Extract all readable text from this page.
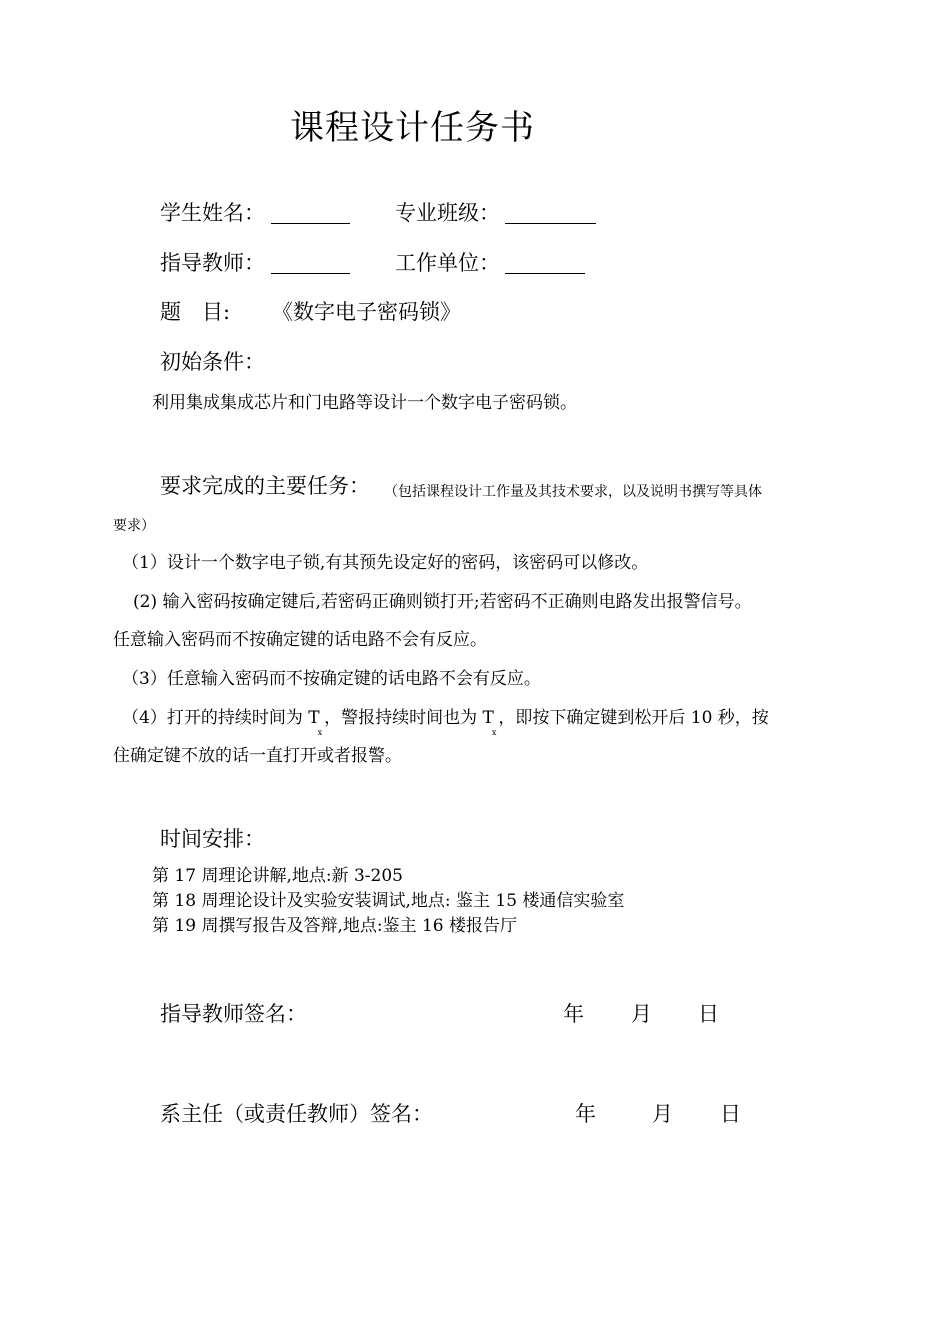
课程设计任务书
学生姓名：	专业班级：
指导教师：	工作单位：
题　目: 《数字电子密码锁》
初始条件：
利用集成集成芯片和门电路等设计一个数字电子密码锁。
要求完成的主要任务： （包括课程设计工作量及其技术要求，以及说明书撰写等具体
要求）
（1）设计一个数字电子锁,有其预先设定好的密码，该密码可以修改。
(2) 输入密码按确定键后,若密码正确则锁打开;若密码不正确则电路发出报警信号。
任意输入密码而不按确定键的话电路不会有反应。
（3）任意输入密码而不按确定键的话电路不会有反应。
（4）打开的持续时间为 $T_x$，警报持续时间也为 $T_x$，即按下确定键到松开后 10 秒，按
住确定键不放的话一直打开或者报警。
时间安排：
第 17 周理论讲解,地点:新 3-205
第 18 周理论设计及实验安装调试,地点: 鉴主 15 楼通信实验室
第 19 周撰写报告及答辩,地点:鉴主 16 楼报告厅
指导教师签名：	年 月 日
系主任（或责任教师）签名：	年	月 日
